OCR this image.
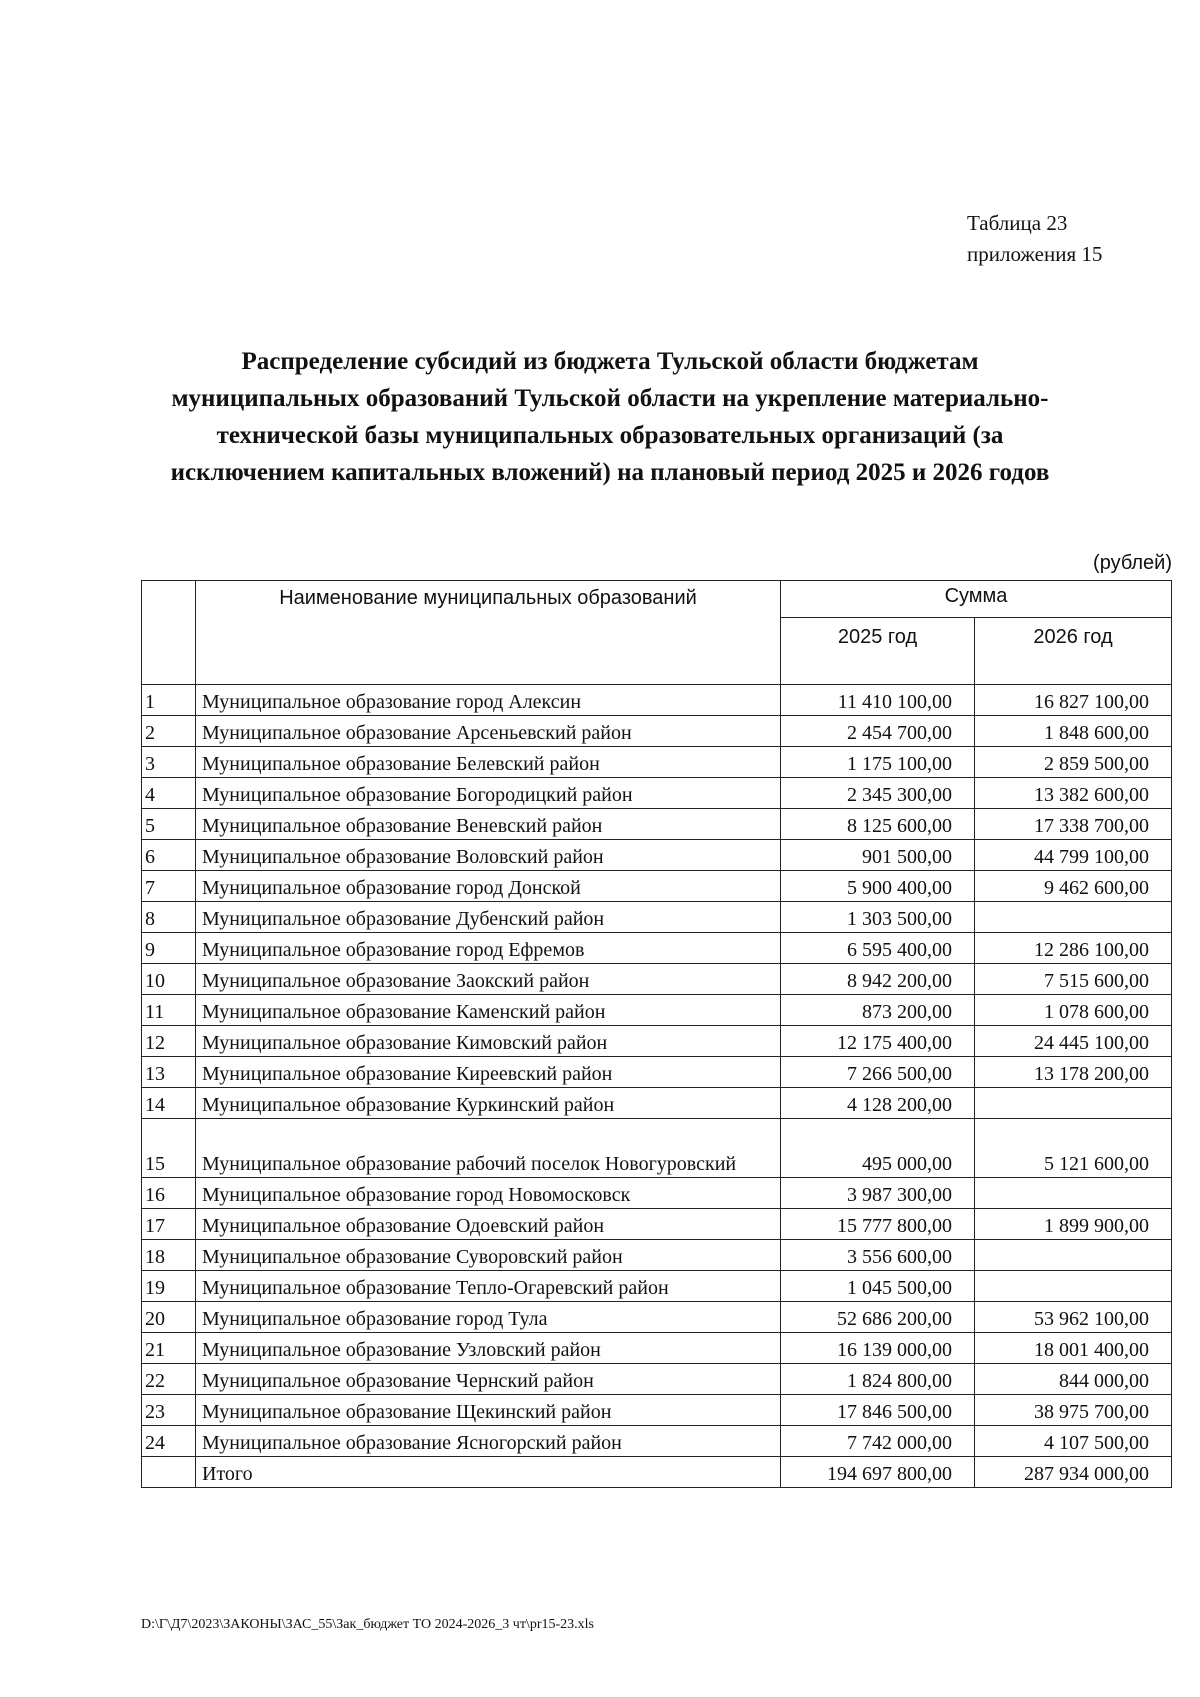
Таблица 23
приложения 15
Распределение субсидий из бюджета Тульской области бюджетам муниципальных образований Тульской области на укрепление материально-технической базы муниципальных образовательных организаций (за исключением капитальных вложений) на плановый период 2025 и 2026 годов
(рублей)
	Наименование муниципальных образований	Сумма	
		2025 год	2026 год
1	Муниципальное образование город Алексин	11 410 100,00	16 827 100,00
2	Муниципальное образование Арсеньевский район	2 454 700,00	1 848 600,00
3	Муниципальное образование Белевский район	1 175 100,00	2 859 500,00
4	Муниципальное образование Богородицкий район	2 345 300,00	13 382 600,00
5	Муниципальное образование Веневский район	8 125 600,00	17 338 700,00
6	Муниципальное образование Воловский район	901 500,00	44 799 100,00
7	Муниципальное образование город Донской	5 900 400,00	9 462 600,00
8	Муниципальное образование Дубенский район	1 303 500,00	
9	Муниципальное образование город Ефремов	6 595 400,00	12 286 100,00
10	Муниципальное образование Заокский район	8 942 200,00	7 515 600,00
11	Муниципальное образование Каменский район	873 200,00	1 078 600,00
12	Муниципальное образование Кимовский район	12 175 400,00	24 445 100,00
13	Муниципальное образование Киреевский район	7 266 500,00	13 178 200,00
14	Муниципальное образование Куркинский район	4 128 200,00	
15	Муниципальное образование рабочий поселок Новогуровский	495 000,00	5 121 600,00
16	Муниципальное образование город Новомосковск	3 987 300,00	
17	Муниципальное образование Одоевский район	15 777 800,00	1 899 900,00
18	Муниципальное образование Суворовский район	3 556 600,00	
19	Муниципальное образование Тепло-Огаревский район	1 045 500,00	
20	Муниципальное образование город Тула	52 686 200,00	53 962 100,00
21	Муниципальное образование Узловский район	16 139 000,00	18 001 400,00
22	Муниципальное образование Чернский район	1 824 800,00	844 000,00
23	Муниципальное образование Щекинский район	17 846 500,00	38 975 700,00
24	Муниципальное образование Ясногорский район	7 742 000,00	4 107 500,00
	Итого	194 697 800,00	287 934 000,00
D:\Г\Д7\2023\ЗАКОНЫ\ЗАС_55\Зак_бюджет ТО 2024-2026_3 чт\pr15-23.xls
